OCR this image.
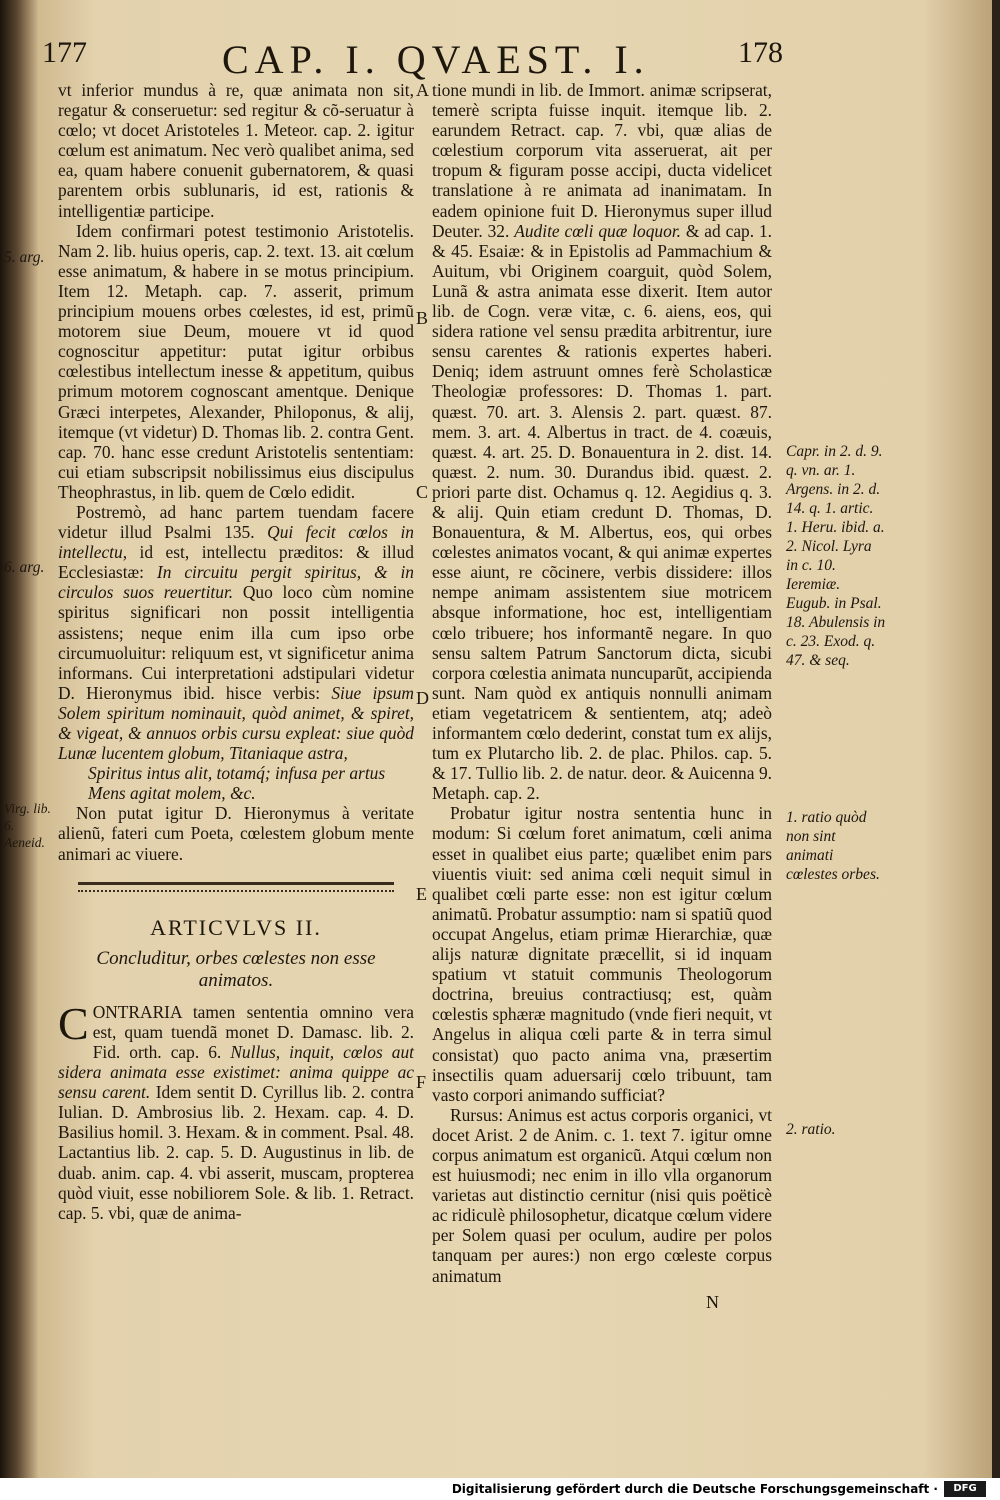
177	CAP. I. QVAEST. I.	178
5. arg.
6. arg.
Virg. lib. 6. Aeneid.

vt inferior mundus à re, quæ animata non sit, regatur & conseruetur: sed regitur & cõ-seruatur à cœlo; vt docet Aristoteles 1. Meteor. cap. 2. igitur cœlum est animatum. Nec verò qualibet anima, sed ea, quam habere conuenit gubernatorem, & quasi parentem orbis sublunaris, id est, rationis & intelligentiæ participe.

Idem confirmari potest testimonio Aristotelis. Nam 2. lib. huius operis, cap. 2. text. 13. ait cœlum esse animatum, & habere in se motus principium. Item 12. Metaph. cap. 7. asserit, primum principium mouens orbes cœlestes, id est, primũ motorem siue Deum, mouere vt id quod cognoscitur appetitur: putat igitur orbibus cœlestibus intellectum inesse & appetitum, quibus primum motorem cognoscant amentque. Denique Græci interpetes, Alexander, Philoponus, & alij, itemque (vt videtur) D. Thomas lib. 2. contra Gent. cap. 70. hanc esse credunt Aristotelis sententiam: cui etiam subscripsit nobilissimus eius discipulus Theophrastus, in lib. quem de Cœlo edidit.

Postremò, ad hanc partem tuendam facere videtur illud Psalmi 135. Qui fecit cœlos in intellectu, id est, intellectu præditos: & illud Ecclesiastæ: In circuitu pergit spiritus, & in circulos suos reuertitur. Quo loco cùm nomine spiritus significari non possit intelligentia assistens; neque enim illa cum ipso orbe circumuoluitur: reliquum est, vt significetur anima informans. Cui interpretationi adstipulari videtur D. Hieronymus ibid. hisce verbis: Siue ipsum Solem spiritum nominauit, quòd animet, & spiret, & vigeat, & annuos orbis cursu expleat: siue quòd Lunæ lucentem globum, Titaniaque astra,

Spiritus intus alit, totamq́; infusa per artus

Mens agitat molem, &c.

Non putat igitur D. Hieronymus à veritate alienũ, fateri cum Poeta, cœlestem globum mente animari ac viuere.

ARTICVLVS II.
Concluditur, orbes cœlestes non esse animatos.

CONTRARIA tamen sententia omnino vera est, quam tuendã monet D. Damasc. lib. 2. Fid. orth. cap. 6. Nullus, inquit, cœlos aut sidera animata esse existimet: anima quippe ac sensu carent. Idem sentit D. Cyrillus lib. 2. contra Iulian. D. Ambrosius lib. 2. Hexam. cap. 4. D. Basilius homil. 3. Hexam. & in comment. Psal. 48. Lactantius lib. 2. cap. 5. D. Augustinus in lib. de duab. anim. cap. 4. vbi asserit, muscam, propterea quòd viuit, esse nobiliorem Sole. & lib. 1. Retract. cap. 5. vbi, quæ de anima-

A
B
C
D
E
F

tione mundi in lib. de Immort. animæ scripserat, temerè scripta fuisse inquit. itemque lib. 2. earundem Retract. cap. 7. vbi, quæ alias de cœlestium corporum vita asseruerat, ait per tropum & figuram posse accipi, ducta videlicet translatione à re animata ad inanimatam. In eadem opinione fuit D. Hieronymus super illud Deuter. 32. Audite cœli quæ loquor. & ad cap. 1. & 45. Esaiæ: & in Epistolis ad Pammachium & Auitum, vbi Originem coarguit, quòd Solem, Lunã & astra animata esse dixerit. Item autor lib. de Cogn. veræ vitæ, c. 6. aiens, eos, qui sidera ratione vel sensu prædita arbitrentur, iure sensu carentes & rationis expertes haberi. Deniq; idem astruunt omnes ferè Scholasticæ Theologiæ professores: D. Thomas 1. part. quæst. 70. art. 3. Alensis 2. part. quæst. 87. mem. 3. art. 4. Albertus in tract. de 4. coæuis, quæst. 4. art. 25. D. Bonauentura in 2. dist. 14. quæst. 2. num. 30. Durandus ibid. quæst. 2. priori parte dist. Ochamus q. 12. Aegidius q. 3. & alij. Quin etiam credunt D. Thomas, D. Bonauentura, & M. Albertus, eos, qui orbes cœlestes animatos vocant, & qui animæ expertes esse aiunt, re cõcinere, verbis dissidere: illos nempe animam assistentem siue motricem absque informatione, hoc est, intelligentiam cœlo tribuere; hos informantẽ negare. In quo sensu saltem Patrum Sanctorum dicta, sicubi corpora cœlestia animata nuncuparũt, accipienda sunt. Nam quòd ex antiquis nonnulli animam etiam vegetatricem & sentientem, atq; adeò informantem cœlo dederint, constat tum ex alijs, tum ex Plutarcho lib. 2. de plac. Philos. cap. 5. & 17. Tullio lib. 2. de natur. deor. & Auicenna 9. Metaph. cap. 2.

Probatur igitur nostra sententia hunc in modum: Si cœlum foret animatum, cœli anima esset in qualibet eius parte; quælibet enim pars viuentis viuit: sed anima cœli nequit simul in qualibet cœli parte esse: non est igitur cœlum animatũ. Probatur assumptio: nam si spatiũ quod occupat Angelus, etiam primæ Hierarchiæ, quæ alijs naturæ dignitate præcellit, si id inquam spatium vt statuit communis Theologorum doctrina, breuius contractiusq; est, quàm cœlestis sphæræ magnitudo (vnde fieri nequit, vt Angelus in aliqua cœli parte & in terra simul consistat) quo pacto anima vna, præsertim insectilis quam aduersarij cœlo tribuunt, tam vasto corpori animando sufficiat?

Rursus: Animus est actus corporis organici, vt docet Arist. 2 de Anim. c. 1. text 7. igitur omne corpus animatum est organicũ. Atqui cœlum non est huiusmodi; nec enim in illo vlla organorum varietas aut distinctio cernitur (nisi quis poëticè ac ridiculè philosophetur, dicatque cœlum videre per Solem quasi per oculum, audire per polos tanquam per aures:) non ergo cœleste corpus animatum

Capr. in 2. d. 9. q. vn. ar. 1. Argens. in 2. d. 14. q. 1. artic. 1. Heru. ibid. a. 2. Nicol. Lyra in c. 10. Ieremiæ. Eugub. in Psal. 18. Abulensis in c. 23. Exod. q. 47. & seq.
1. ratio quòd non sint animati cœlestes orbes.
2. ratio.
N
Digitalisierung gefördert durch die Deutsche Forschungsgemeinschaft ·	DFG
